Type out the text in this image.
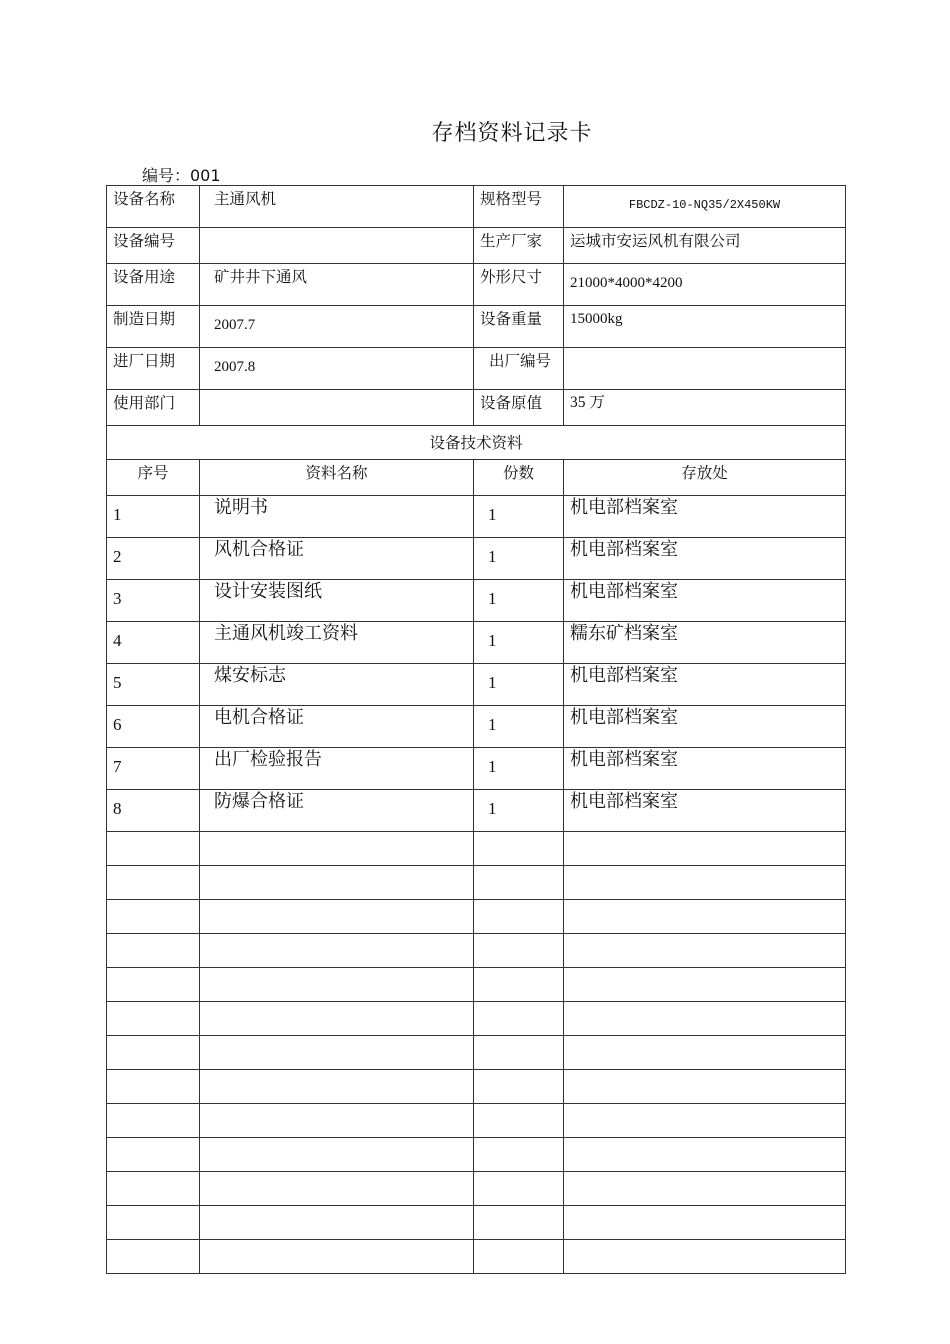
存档资料记录卡
编号：001
设备名称	主通风机	规格型号	FBCDZ-10-NQ35/2X450KW
设备编号		生产厂家	运城市安运风机有限公司
设备用途	矿井井下通风	外形尺寸	21000*4000*4200
制造日期	2007.7	设备重量	15000kg
进厂日期	2007.8	出厂编号	
使用部门		设备原值	35 万
设备技术资料			
序号	资料名称	份数	存放处
1	说明书	1	机电部档案室
2	风机合格证	1	机电部档案室
3	设计安装图纸	1	机电部档案室
4	主通风机竣工资料	1	糯东矿档案室
5	煤安标志	1	机电部档案室
6	电机合格证	1	机电部档案室
7	出厂检验报告	1	机电部档案室
8	防爆合格证	1	机电部档案室
